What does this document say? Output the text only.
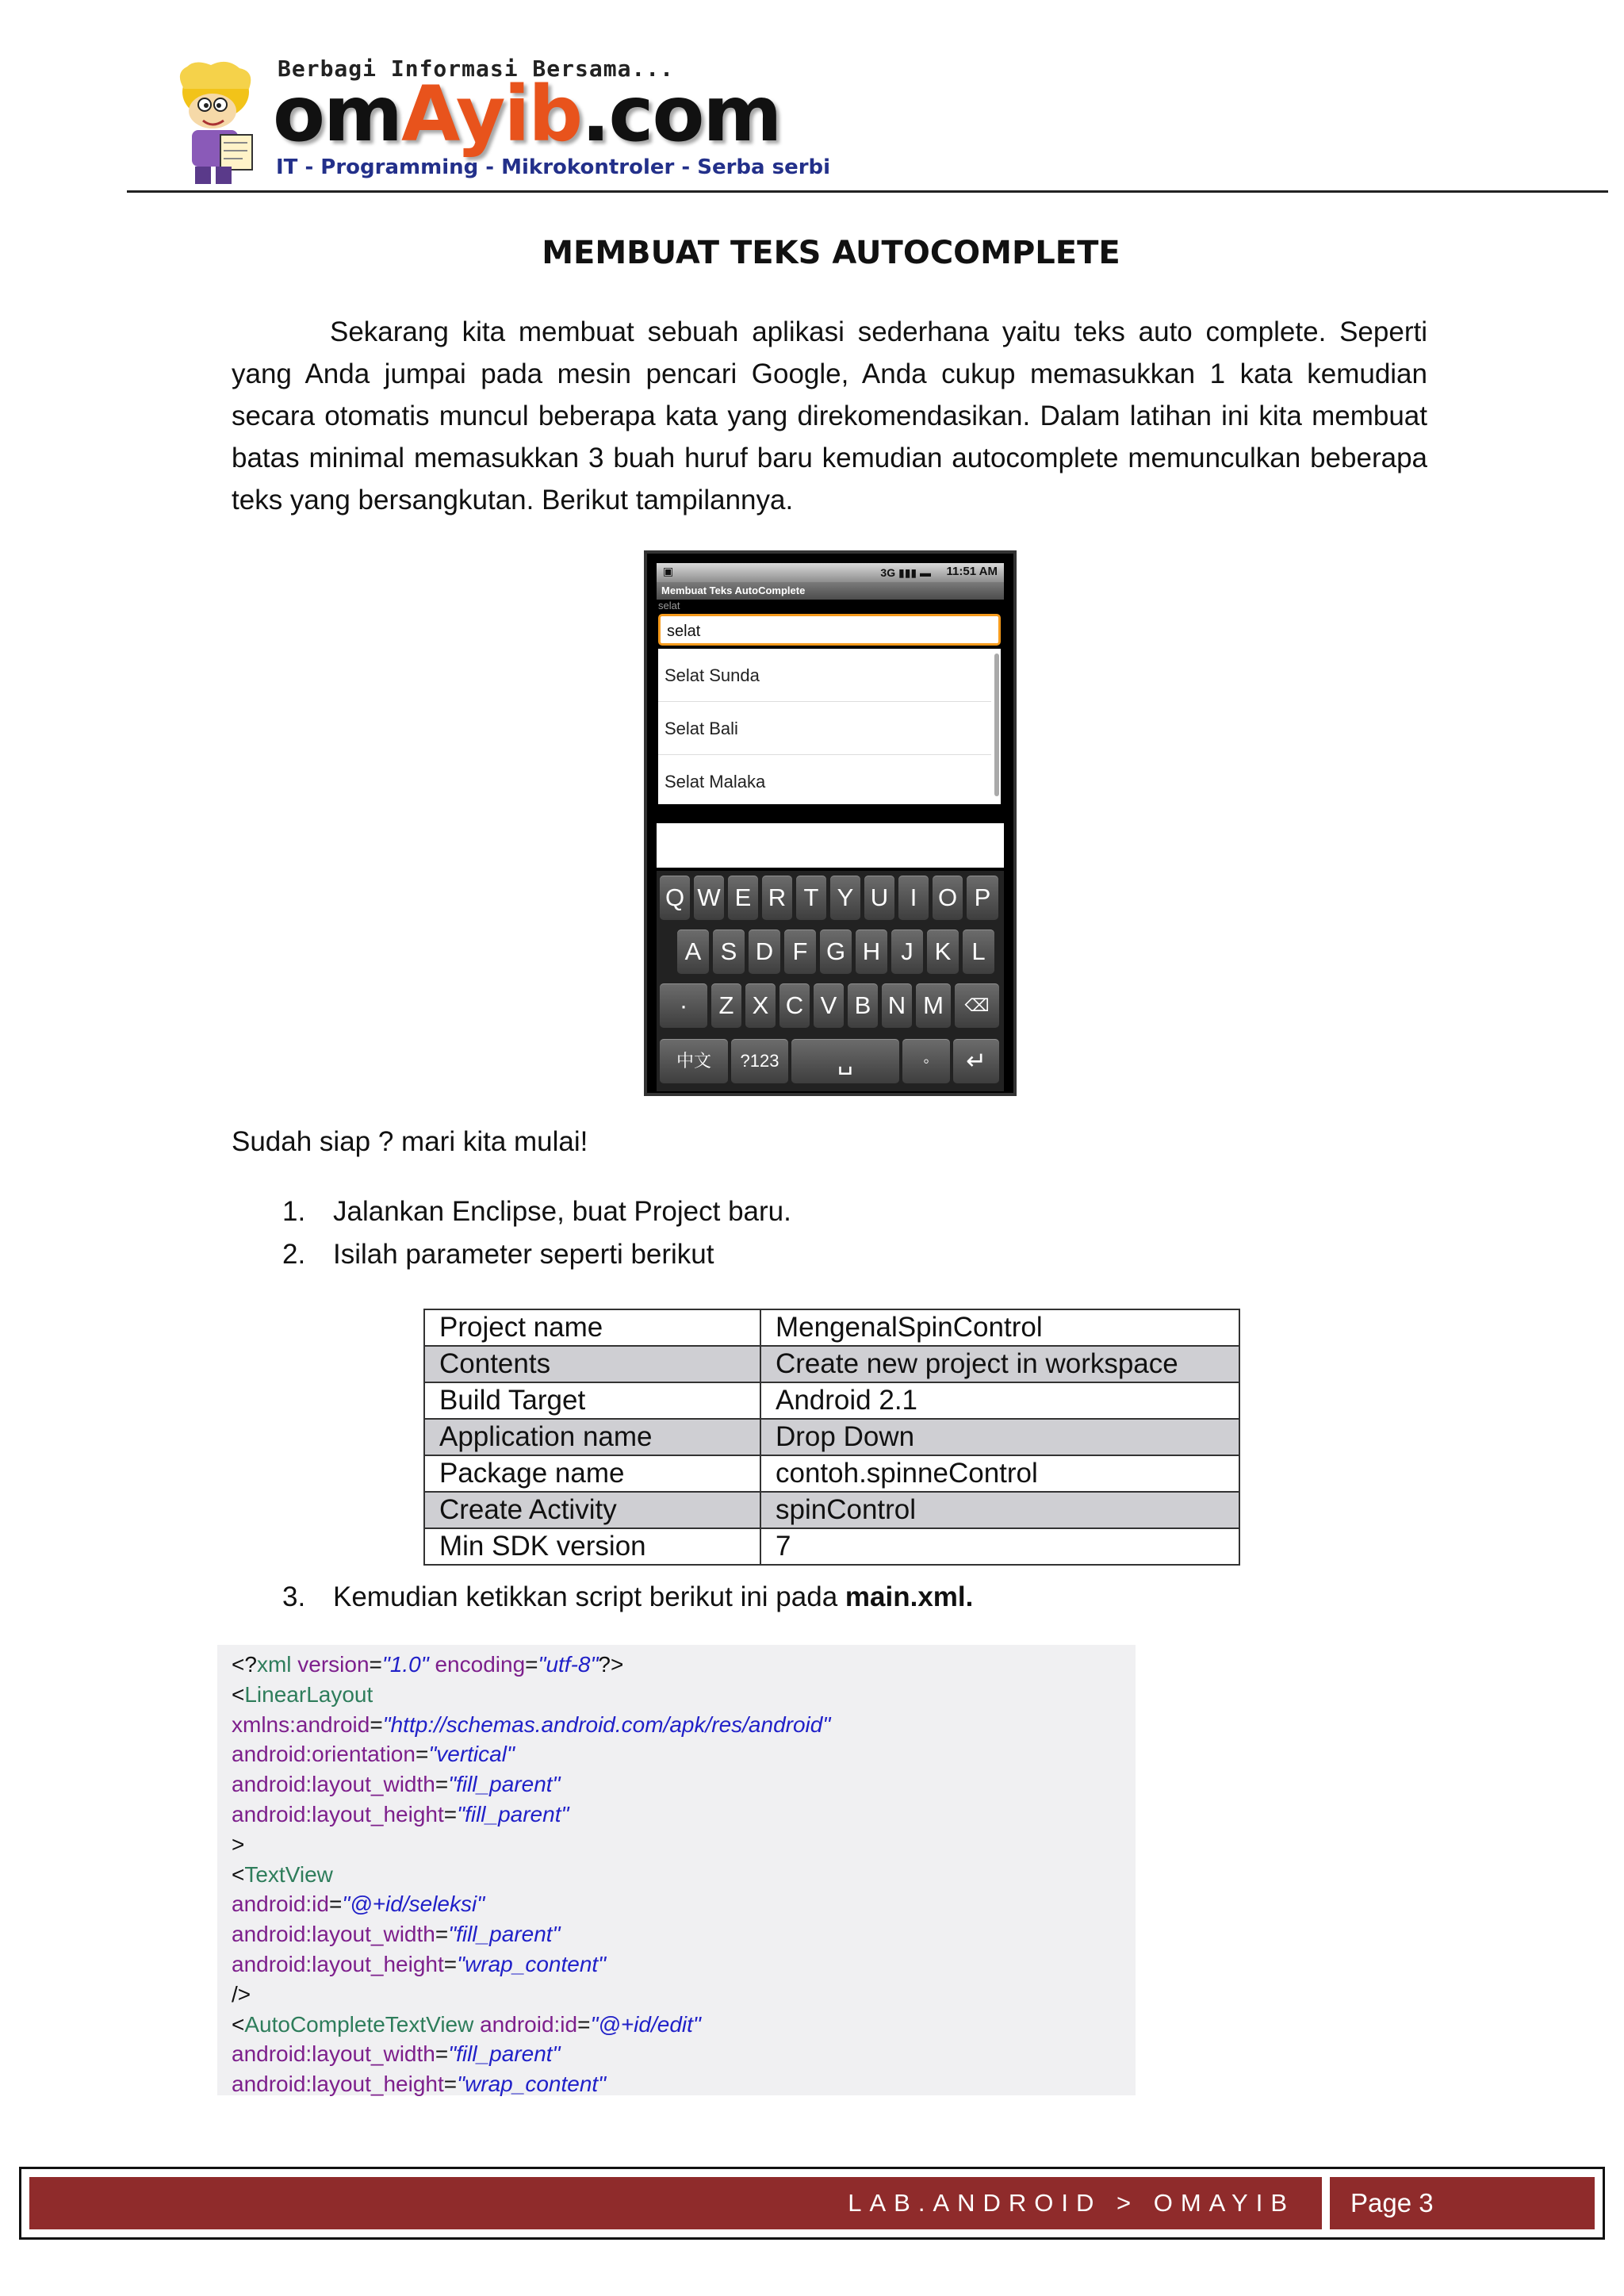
Berbagi Informasi Bersama...
omAyib.com
IT - Programming - Mikrokontroler - Serba serbi
MEMBUAT TEKS AUTOCOMPLETE
Sekarang kita membuat sebuah aplikasi sederhana yaitu teks auto complete. Seperti yang Anda jumpai pada mesin pencari Google, Anda cukup memasukkan 1 kata kemudian secara otomatis muncul beberapa kata yang direkomendasikan. Dalam latihan ini kita membuat batas minimal memasukkan 3 buah huruf baru kemudian autocomplete memunculkan beberapa teks yang bersangkutan. Berikut tampilannya.
▣	3G ▮▮▮ ▬ 11:51 AM
Membuat Teks AutoComplete
selat
selat
Selat Sunda
Selat Bali
Selat Malaka
Q W E R T Y U I O P
A S D F G H J K L
·	Z X C V B N M	⌫
中文	?123	␣	◦	↵
Sudah siap ? mari kita mulai!
1. Jalankan Enclipse, buat Project baru.
2. Isilah parameter seperti berikut
Project name	MengenalSpinControl
Contents	Create new project in workspace
Build Target	Android 2.1
Application name	Drop Down
Package name	contoh.spinneControl
Create Activity	spinControl
Min SDK version	7
3. Kemudian ketikkan script berikut ini pada main.xml.
<?xml version="1.0" encoding="utf-8"?>
<LinearLayout
xmlns:android="http://schemas.android.com/apk/res/android"
android:orientation="vertical"
android:layout_width="fill_parent"
android:layout_height="fill_parent"
>
<TextView
android:id="@+id/seleksi"
android:layout_width="fill_parent"
android:layout_height="wrap_content"
/>
<AutoCompleteTextView android:id="@+id/edit"
android:layout_width="fill_parent"
android:layout_height="wrap_content"
LAB.ANDROID > OMAYIB Page 3
